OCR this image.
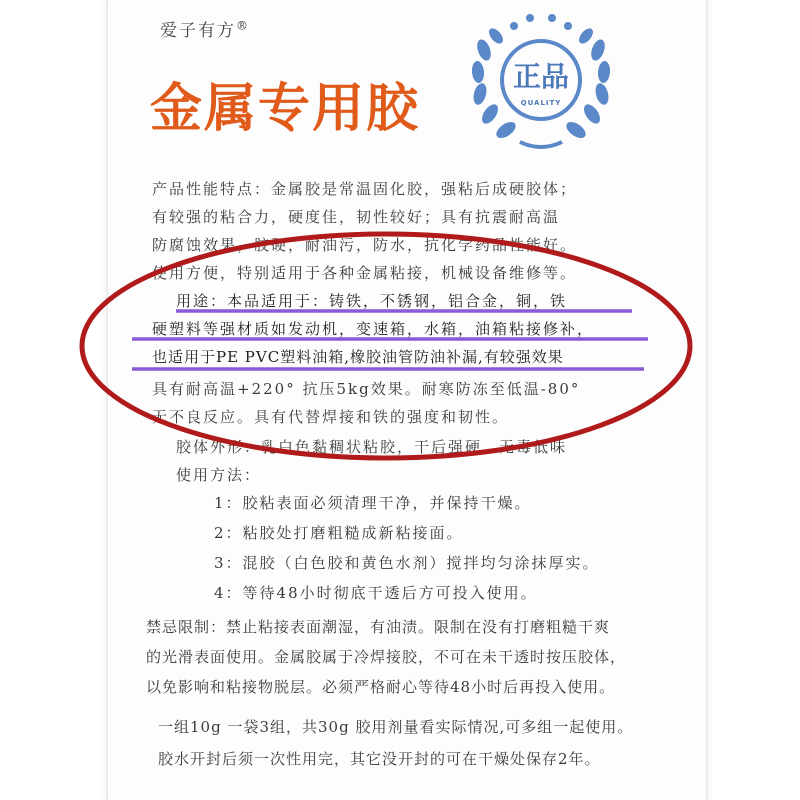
爱子有方®
金属专用胶
正品
QUALITY
产品性能特点：金属胶是常温固化胶，强粘后成硬胶体；
有较强的粘合力，硬度佳，韧性较好；具有抗震耐高温
防腐蚀效果，胶硬，耐油污，防水，抗化学药品性能好。
使用方便，特别适用于各种金属粘接，机械设备维修等。
用途：本品适用于：铸铁，不锈钢，铝合金，铜，铁
硬塑料等强材质如发动机，变速箱，水箱，油箱粘接修补，
也适用于PE PVC塑料油箱,橡胶油管防油补漏,有较强效果
具有耐高温+220° 抗压5kg效果。耐寒防冻至低温-80°
无不良反应。具有代替焊接和铁的强度和韧性。
胶体外形：乳白色黏稠状粘胶，干后强硬。无毒低味
使用方法：
1：胶粘表面必须清理干净，并保持干燥。
2：粘胶处打磨粗糙成新粘接面。
3：混胶（白色胶和黄色水剂）搅拌均匀涂抹厚实。
4：等待48小时彻底干透后方可投入使用。
禁忌限制：禁止粘接表面潮湿，有油渍。限制在没有打磨粗糙干爽
的光滑表面使用。金属胶属于冷焊接胶，不可在未干透时按压胶体，
以免影响和粘接物脱层。必须严格耐心等待48小时后再投入使用。
一组10g 一袋3组，共30g 胶用剂量看实际情况,可多组一起使用。
胶水开封后须一次性用完，其它没开封的可在干燥处保存2年。
